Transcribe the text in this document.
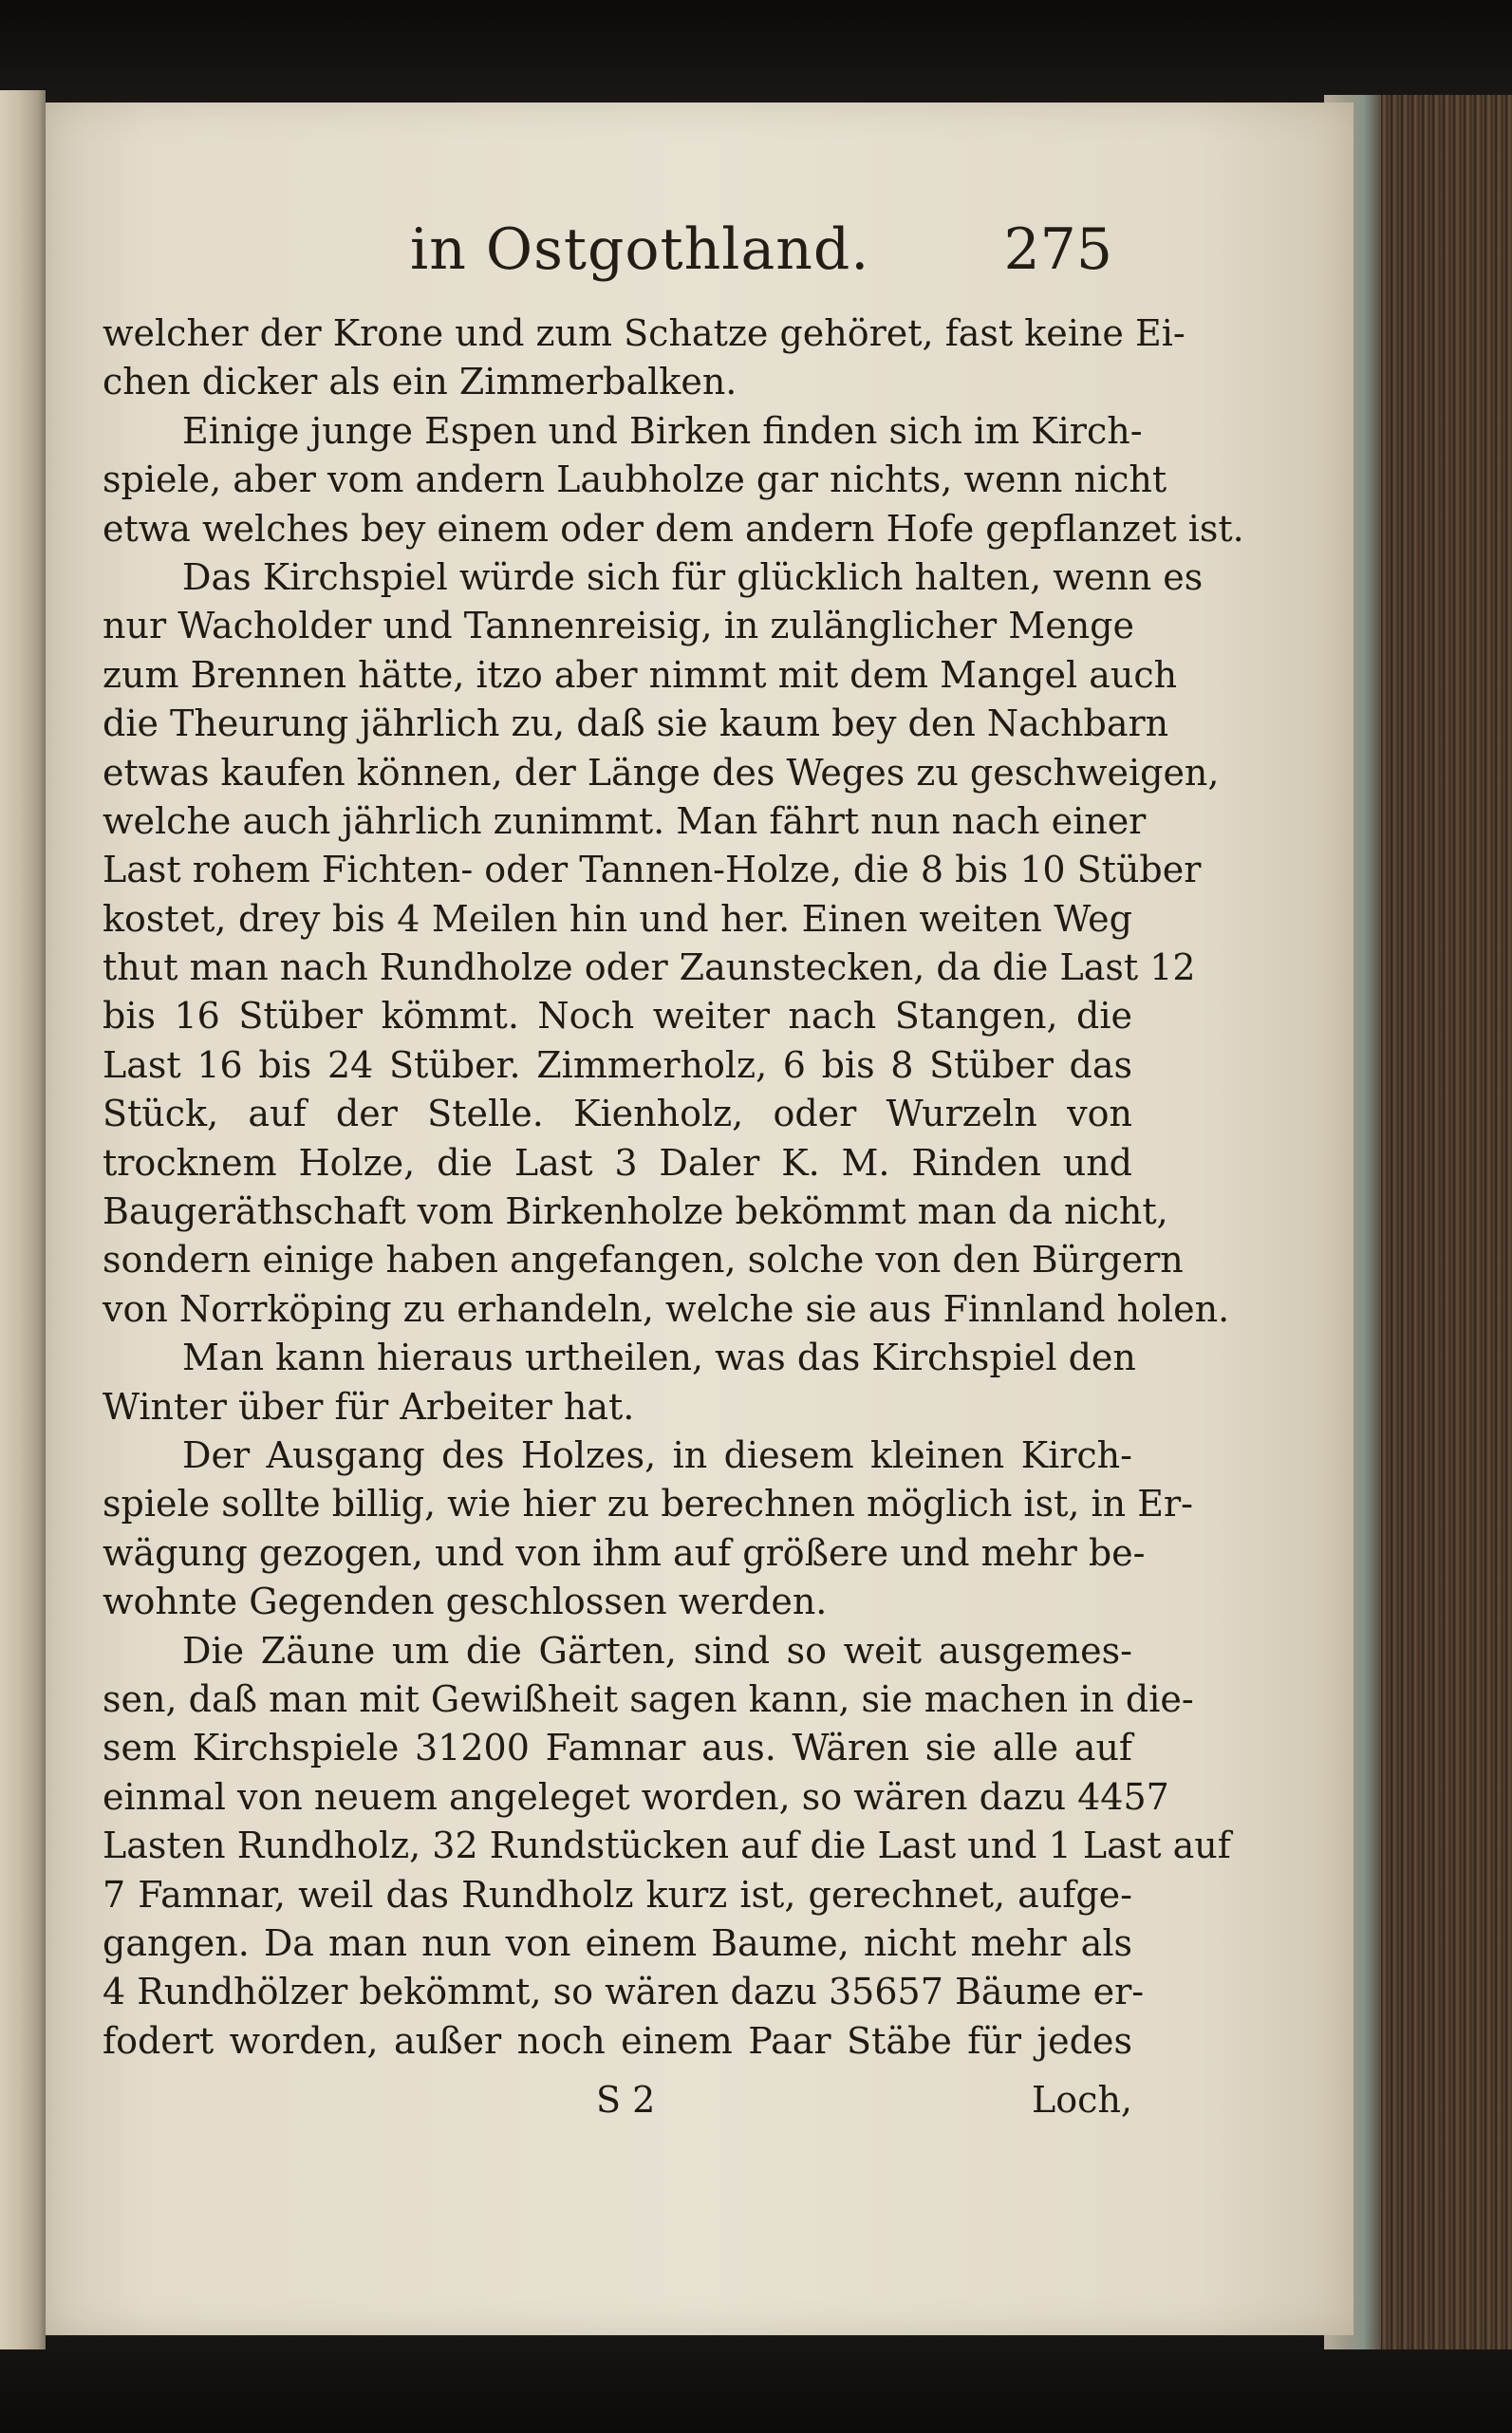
in Ostgothland. 275
welcher der Krone und zum Schatze gehöret, fast keine Ei-
chen dicker als ein Zimmerbalken.
Einige junge Espen und Birken finden sich im Kirch-
spiele, aber vom andern Laubholze gar nichts, wenn nicht
etwa welches bey einem oder dem andern Hofe gepflanzet ist.
Das Kirchspiel würde sich für glücklich halten, wenn es
nur Wacholder und Tannenreisig, in zulänglicher Menge
zum Brennen hätte, itzo aber nimmt mit dem Mangel auch
die Theurung jährlich zu, daß sie kaum bey den Nachbarn
etwas kaufen können, der Länge des Weges zu geschweigen,
welche auch jährlich zunimmt. Man fährt nun nach einer
Last rohem Fichten- oder Tannen-Holze, die 8 bis 10 Stüber
kostet, drey bis 4 Meilen hin und her. Einen weiten Weg
thut man nach Rundholze oder Zaunstecken, da die Last 12
bis 16 Stüber kömmt. Noch weiter nach Stangen, die
Last 16 bis 24 Stüber. Zimmerholz, 6 bis 8 Stüber das
Stück, auf der Stelle. Kienholz, oder Wurzeln von
trocknem Holze, die Last 3 Daler K. M. Rinden und
Baugeräthschaft vom Birkenholze bekömmt man da nicht,
sondern einige haben angefangen, solche von den Bürgern
von Norrköping zu erhandeln, welche sie aus Finnland holen.
Man kann hieraus urtheilen, was das Kirchspiel den
Winter über für Arbeiter hat.
Der Ausgang des Holzes, in diesem kleinen Kirch-
spiele sollte billig, wie hier zu berechnen möglich ist, in Er-
wägung gezogen, und von ihm auf größere und mehr be-
wohnte Gegenden geschlossen werden.
Die Zäune um die Gärten, sind so weit ausgemes-
sen, daß man mit Gewißheit sagen kann, sie machen in die-
sem Kirchspiele 31200 Famnar aus. Wären sie alle auf
einmal von neuem angeleget worden, so wären dazu 4457
Lasten Rundholz, 32 Rundstücken auf die Last und 1 Last auf
7 Famnar, weil das Rundholz kurz ist, gerechnet, aufge-
gangen. Da man nun von einem Baume, nicht mehr als
4 Rundhölzer bekömmt, so wären dazu 35657 Bäume er-
fodert worden, außer noch einem Paar Stäbe für jedes
S 2	Loch,
